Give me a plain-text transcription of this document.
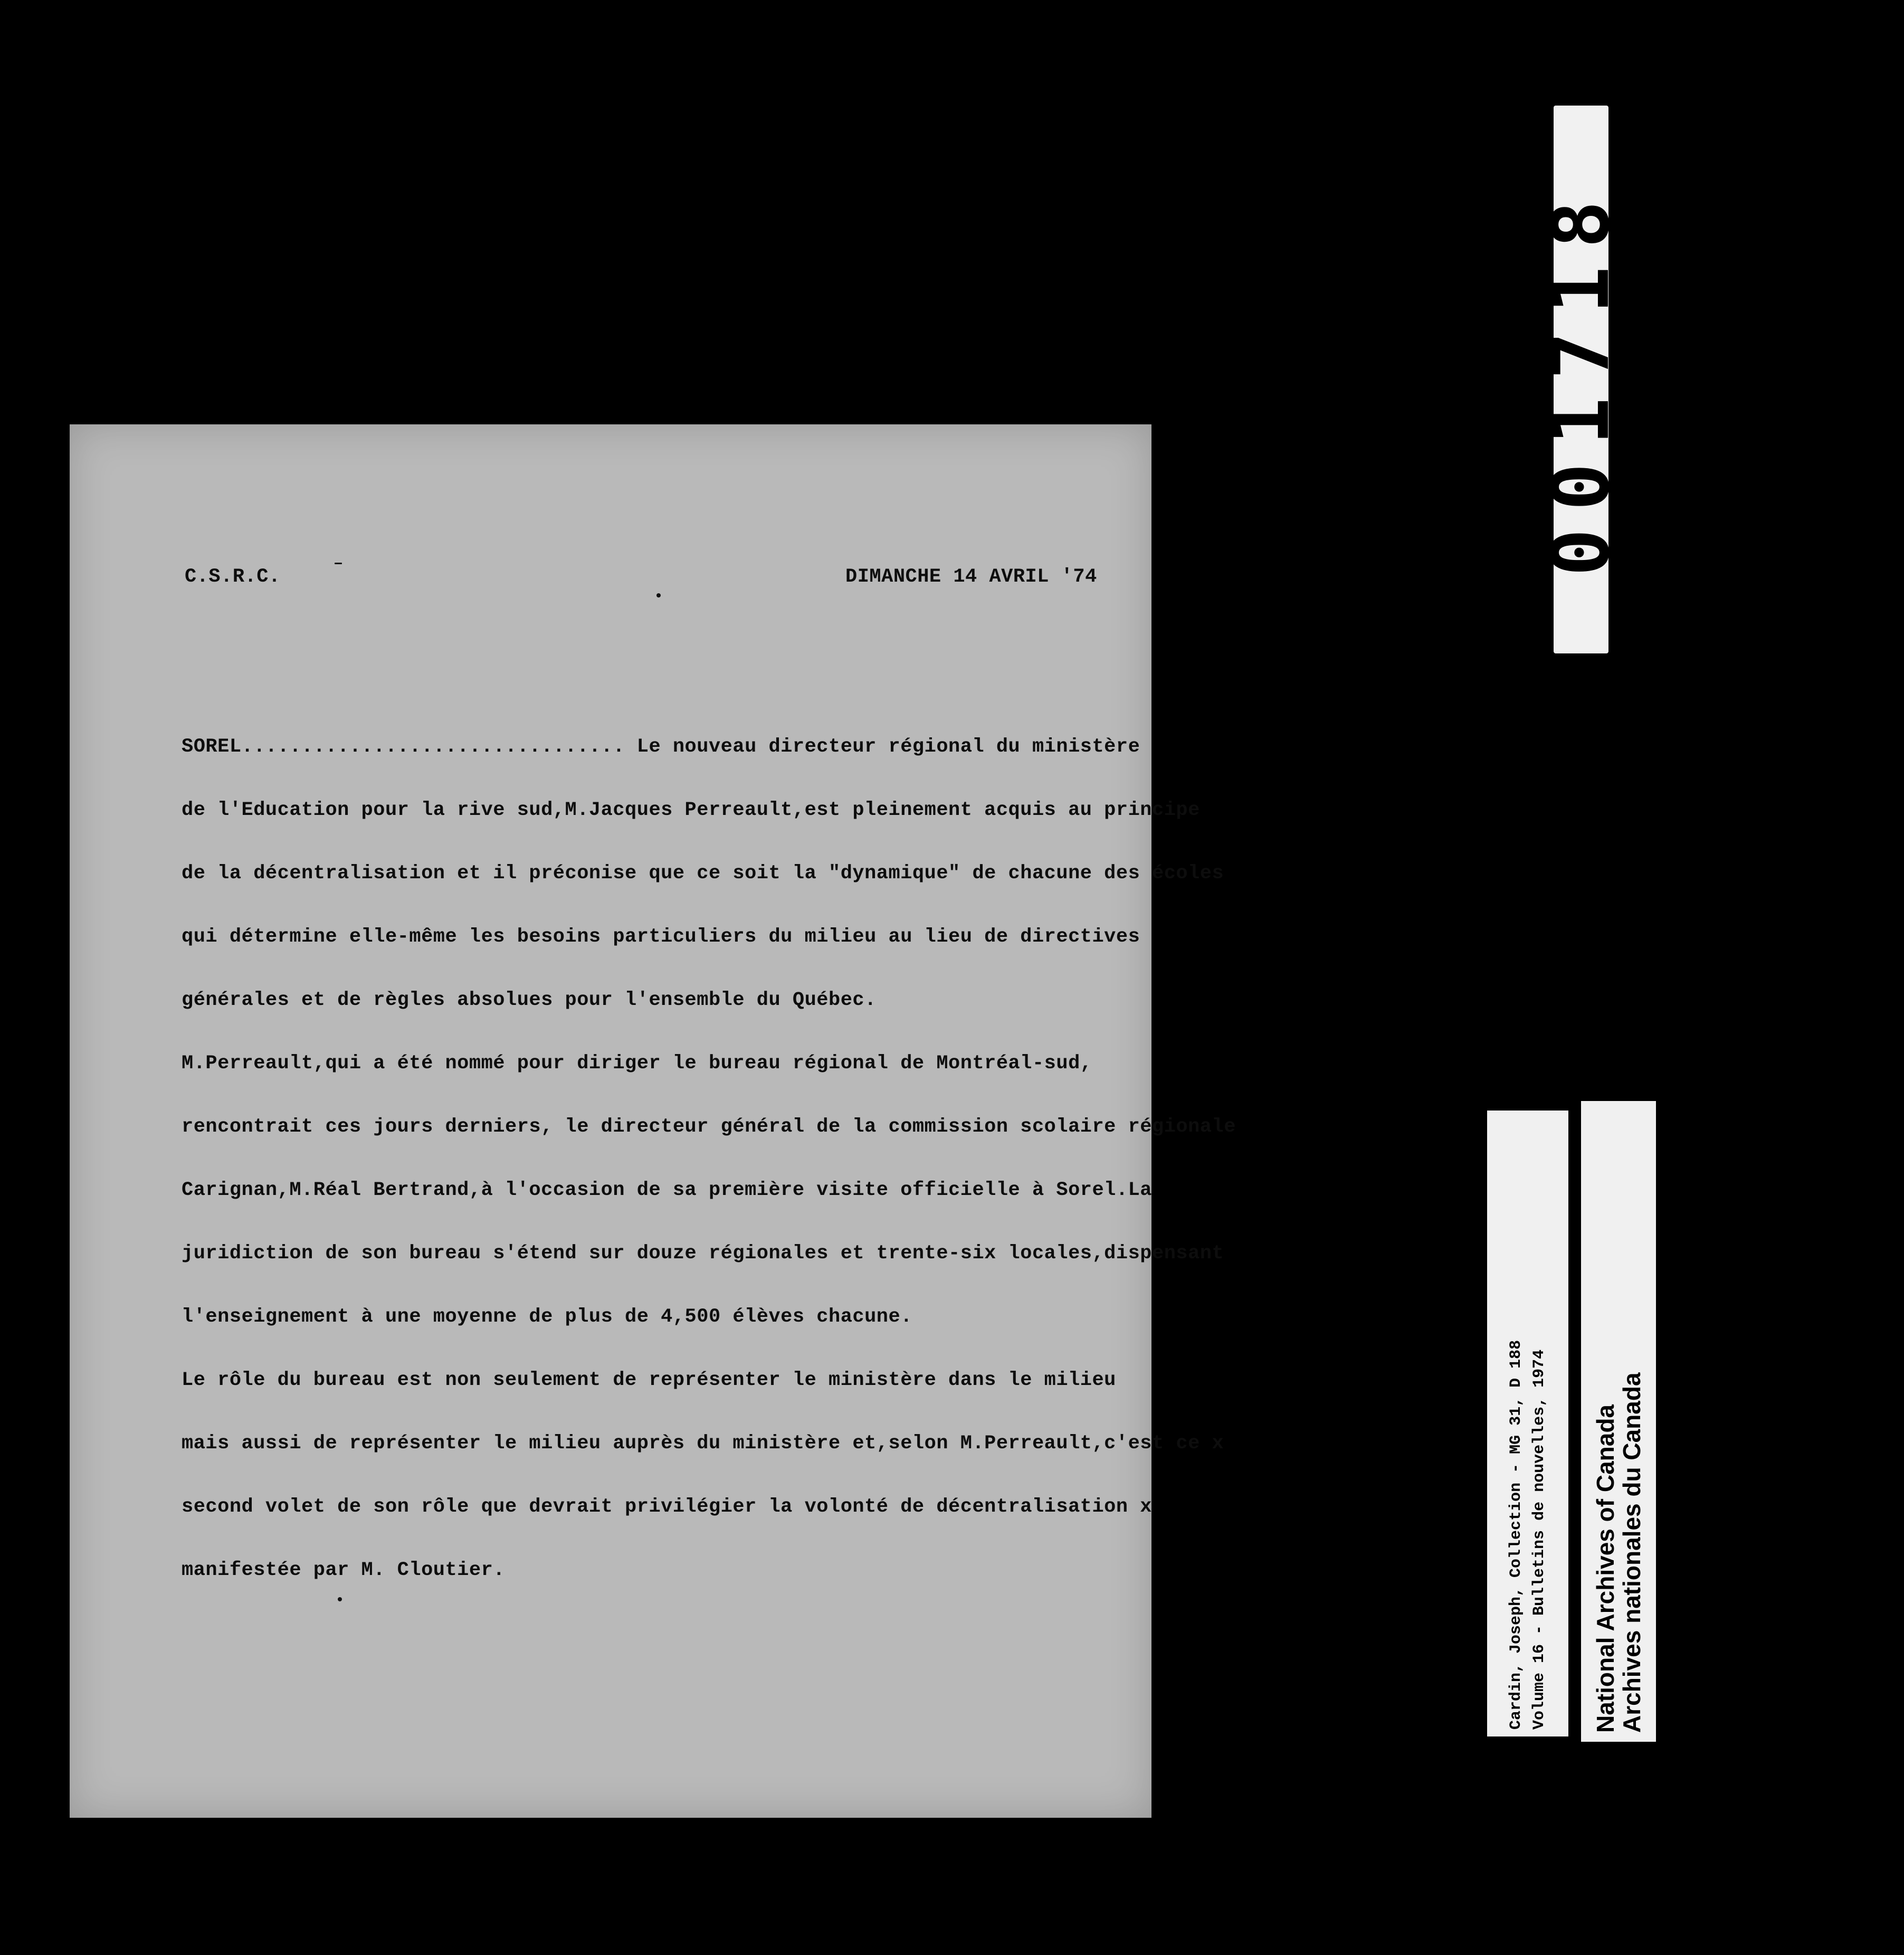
C.S.R.C.	DIMANCHE 14 AVRIL '74
SOREL................................ Le nouveau directeur régional du ministère
de l'Education pour la rive sud,M.Jacques Perreault,est pleinement acquis au principe
de la décentralisation et il préconise que ce soit la "dynamique" de chacune des écoles
qui détermine elle-même les besoins particuliers du milieu au lieu de directives
générales et de règles absolues pour l'ensemble du Québec.
M.Perreault,qui a été nommé pour diriger le bureau régional de Montréal-sud,
rencontrait ces jours derniers, le directeur général de la commission scolaire régionale
Carignan,M.Réal Bertrand,à l'occasion de sa première visite officielle à Sorel.La
juridiction de son bureau s'étend sur douze régionales et trente-six locales,dispensant
l'enseignement à une moyenne de plus de 4,500 élèves chacune.
Le rôle du bureau est non seulement de représenter le ministère dans le milieu
mais aussi de représenter le milieu auprès du ministère et,selon M.Perreault,c'est ce x
second volet de son rôle que devrait privilégier la volonté de décentralisation x
manifestée par M. Cloutier.
001718
Cardin, Joseph, Collection - MG 31, D 188 Volume 16 - Bulletins de nouvelles, 1974 National Archives of Canada
Archives nationales du Canada
